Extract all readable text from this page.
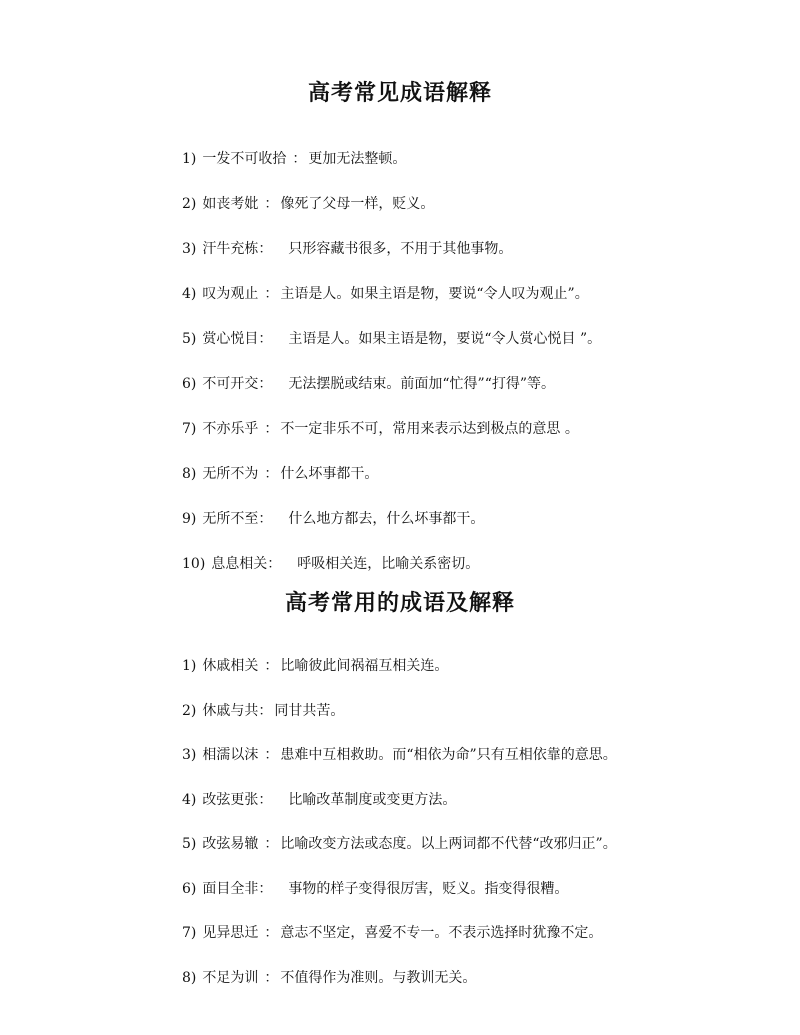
高考常见成语解释
1) 一发不可收拾 ： 更加无法整顿。
2) 如丧考妣 ： 像死了父母一样，贬义。
3) 汗牛充栋： 只形容藏书很多，不用于其他事物。
4) 叹为观止 ： 主语是人。如果主语是物，要说“令人叹为观止”。
5) 赏心悦目： 主语是人。如果主语是物，要说“令人赏心悦目 ”。
6) 不可开交： 无法摆脱或结束。前面加“忙得”“打得”等。
7) 不亦乐乎 ： 不一定非乐不可，常用来表示达到极点的意思 。
8) 无所不为 ： 什么坏事都干。
9) 无所不至： 什么地方都去，什么坏事都干。
10) 息息相关： 呼吸相关连，比喻关系密切。
高考常用的成语及解释
1) 休戚相关 ： 比喻彼此间祸福互相关连。
2) 休戚与共： 同甘共苦。
3) 相濡以沫 ： 患难中互相救助。而“相依为命”只有互相依靠的意思。
4) 改弦更张： 比喻改革制度或变更方法。
5) 改弦易辙 ： 比喻改变方法或态度。以上两词都不代替“改邪归正”。
6) 面目全非： 事物的样子变得很厉害，贬义。指变得很糟。
7) 见异思迁 ： 意志不坚定，喜爱不专一。不表示选择时犹豫不定。
8) 不足为训 ： 不值得作为准则。与教训无关。
